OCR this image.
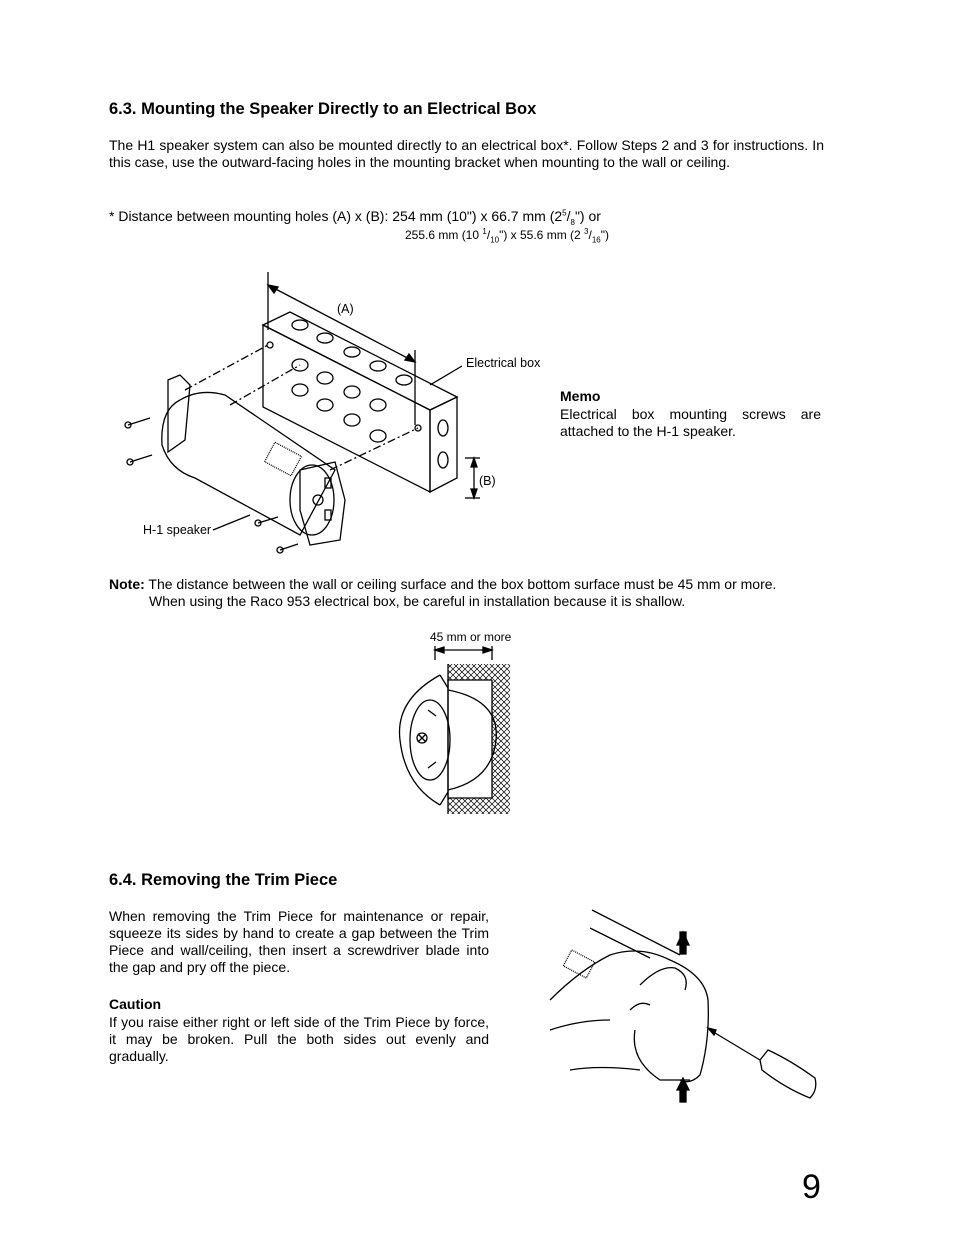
6.3. Mounting the Speaker Directly to an Electrical Box
The H1 speaker system can also be mounted directly to an electrical box*. Follow Steps 2 and 3 for instructions. In this case, use the outward-facing holes in the mounting bracket when mounting to the wall or ceiling.
* Distance between mounting holes (A) x (B): 254 mm (10") x 66.7 mm $(2^5/_8")$ or
255.6 mm (10 $^1/_{10}$") x 55.6 mm (2 $^3/_{16}$")
(A)
(B)
Electrical box
H-1 speaker
Memo
Electrical box mounting screws are attached to the H-1 speaker.
Note: The distance between the wall or ceiling surface and the box bottom surface must be 45 mm or more.
When using the Raco 953 electrical box, be careful in installation because it is shallow.
45 mm or more
6.4. Removing the Trim Piece
When removing the Trim Piece for maintenance or repair, squeeze its sides by hand to create a gap between the Trim Piece and wall/ceiling, then insert a screwdriver blade into the gap and pry off the piece.
Caution
If you raise either right or left side of the Trim Piece by force, it may be broken. Pull the both sides out evenly and gradually.
9
